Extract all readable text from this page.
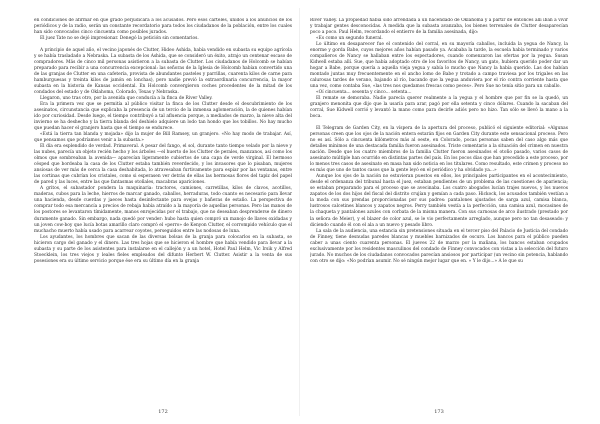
en condiciones de afirmar en qué grado perjudicará a los acusados. Pero esos carteles, unidos a los anuncios de los periódicos y de la radio, serán un constante recordatorio para todos los ciudadanos de la población, entre los cuales han sido convocados cinco cincuenta como posibles jurados.

El juez Tate no se dejó impresionar. Denegó la petición sin comentarios.

A principio de aquel año, el vecino japonés de Clutter, Hideo Ashida, había vendido en subasta su equipo agrícola y se había trasladado a Nebraska. La subasta de los Ashida, que se consideró un éxito, atrajo un centenar escaso de compradores. Más de cinco mil personas asistieron a la subasta de Clutter. Los ciudadanos de Holcomb se habían preparado para recibir a una concurrencia excepcional: las señoras de la Iglesia de Holcomb habían convertido una de las granjas de Clutter en una cafetería, provista de abundantes pasteles y parrillas, cuarenta kilos de carne para hamburguesas y treinta kilos de jamón en lonchas), pero nadie previó la extraordinaria concurrencia, la mayor subasta en la historia de Kansas occidental. En Holcomb convergieron coches procedentes de la mitad de los condados del estado y de Oklahoma, Colorado, Texas y Nebraska.

Llegaron, uno tras otro, por la avenida que conducía a la finca de River Valley.

Era la primera vez que se permitía al público visitar la finca de los Clutter desde el descubrimiento de los asesinatos, circunstancia que explicaba la presencia de un tercio de la inmensa aglomeración, la de quienes habían ido por curiosidad. Desde luego, el tiempo contribuyó a tal afluencia porque, a mediados de marzo, la nieve alta del invierno se ha deshecho y la tierra blanda del deshielo adquiere un lodo tan hondo que los tobillos. No hay mucho que puedan hacer el granjero hasta que el tiempo se endurece.

«Está la tierra tan blanda y mojada» dijo la mujer de Bill Ramsey, un granjero. «No hay modo de trabajar. Así, que pensamos que podríamos venir a la subasta.»

El día era esplendido de verdad. Primaveral. A pesar del fango, el sol, durante tanto tiempo velado por la nieve y las nubes, parecía un objeto recién hecho y los árboles —el huerto de los Clutter de perales, manzanos, así como los olmos que sombreaban la avenida— aparecían ligeramente cubiertos de una capa de verde virginal. El hermoso césped que bordeaba la casa de los Clutter estaba también reverdecido, y los invasores que lo pisaban, mujeres ansiosas de ver más de cerca la casa deshabitada, lo atravesaban furtivamente para espiar por las ventanas, entre las cortinas que cubrían los cristales, como si esperasen ver detrás de ellas las hermosas flores del tapiz del papel de pared y las luces, entre las que fantasmas otoñales, macabras apariciones.

A gritos, el subastador pondera la maquinaria: tractores, camiones, carretillas, kilos de clavos, acotillos, maderas, cubos para la leche, hierros de marcar ganado, caballos, herraduras, todo cuanto es necesario para llevar una hacienda, desde cuerdas y jaeces hasta desinfectante para ovejas y bañeras de estaño. La perspectiva de comprar todo esa mercancía a precios de rebaja había atraído a la mayoría de aquellas personas. Pero las manos de los postores se levantaron tímidamente, manos enrojecidas por el trabajo, que no deseaban desprenderse de dinero duramente ganado. Sin embargo, nada quedó por vender: hubo hasta quien compró un manojo de llaves oxidadas y un joven cow-boy que lucía botas amarillo claro compró el «perro» de Kenyon Clutter, el corrompido vehículo que el muchacho muerto había usado para acarrear coyotes, perseguidos entre las nodosas de luna.

Los ayudantes, los hombres que sacan de las diversas bolsas de la granja para colocarlos en la subasta, se hicieron cargo del ganado y el dinero. Las tres hojas que se hicieron el hombre que había vendido para llevar a la subasta y su parte de los asistentes para instalarse en el callejón y a un hotel, Hotel Paul Helm, Vic Irsik y Alfred Stoecklein, los tres viejos y leales fieles empleados del difunto Herbert W. Clutter. Asistir a la venta de sus posesiones era su último servicio porque ése era su último día en la granja

172

River Valley. La propiedad había sido arrendada a un hacendado de Oklahoma y a partir de entonces allí iban a vivir y trabajar gentes desconocidas. A medida que la subasta avanzaba, los bienes terrenales de Clutter desaparecían poco a poco. Paul Helm, recordando el entierro de la familia asesinada, dijo:

«Es como un segundo funeral.

Lo último en desaparecer fue el contenido del corral, en su mayoría caballos, incluida la yegua de Nancy, la enorme y gorda Babe, cuyos mejores años habían pasado ya. Acababa la tarde, la escuela había terminado y varios compañeros de Nancy se hallaban entre los espectadores, cuando comenzaron las ofertas por la yegua. Susan Kidwell estaba allí. Sue, que había adoptado otro de los favoritos de Nancy, un gato, hubiera querido poder dar un hogar a Babe, porque quería a aquella vieja yegua y sabía lo mucho que Nancy la había querido. Las dos habían montado juntas muy frecuentemente en el ancho lomo de Babe y trotado a campo traviesa por los trigales en las calurosas tardes de verano, bajando al río, bacando que la yegua anduviera por el río contra corriente hasta que una vez, como contaba Sue, «las tres nos quedamos frescas como peces». Pero Sue no tenía sitio para un caballo.

«Oí cincuenta... sesenta y cinco... setenta...

El remate se demoraba. Nadie parecía querer realmente a la yegua y el hombre que por fin se la quedó, un granjero menonita que dijo que la usaría para arar, pagó por ella setenta y cinco dólares. Cuando la sacaban del corral, Sue Kidwell corrió y levantó la mano como para decirle adiós pero no hizo. Tan sólo se llevó la mano a la boca.

El Telegram de Garden City, en la víspera de la apertura del proceso, publicó el siguiente editorial: «Algunas personas creen que los ojos de la nación entera estarán fijos en Garden City durante este sensacional proceso. Pero no es así. Sólo a cincuenta kilómetros más al oeste, en Colorado, pocas personas saben del caso algo más que detalles mínimos de una destacada familia fueron asesinados. Triste comentario a la situación del crimen en nuestra nación. Desde que los cuatro miembros de la familia Clutter fueron asesinados el otoño pasado, varios casos de asesinato múltiple han ocurrido en distintas partes del país. En los pocos días que han precedido a este proceso, por lo menos tres casos de asesinato en masa han sido noticia en los titulares. Como resultado, este crimen y proceso no es más que uno de tantos casos que la gente leyó en el periódico y ha olvidado ya...»

Aunque los ojos de la nación no estuvieran puestos en ellos, los principales participantes en el acontecimiento, desde el ordenanza del tribunal hasta el juez, estaban pendientes de un problema de las cuestiones de apariencia; se estaban preparando para el proceso que se avecinaba. Los cuatro abogados lucían trajes nuevos, y los nuevos zapatos de los dos hijos del fiscal del distrito crujían y gemían a cada paso. Hickock, los acusados también vestían a la moda con sus prendas proporcionadas por sus padres: pantalones ajustados de sarga azul, camisa blanca, lustrosos calcetines blancos y zapatos negros. Perry también vestía a la perfección, una camisa azul, mocasines de la chaqueta y pantalones azules con corbata de la misma manera. Con sus carnosas de arco ilustrado (prestado por la señora de Meier), y el blazer de color azul, se le vio perfectamente arreglado, aunque pero no tan desaseado: y diciendo cuando él con el ala a un nuevo y pesado libro.

La sala de la audiencia, una estancia sin pretensiones situada en el tercer piso del Palacio de Justicia del condado de Finney, tiene desnudas paredes blancas y muebles barnizados de oscuro. Los bancos para el público pueden caber a unas ciento cuarenta personas. El jueves 22 de marzo por la mañana, los bancos estaban ocupados exclusivamente por los residentes masculinos del condado de Finney convocados con vistas a la selección del futuro jurado. No muchos de los ciudadanos convocados parecían ansiosos por participar (un vecino sin potencia, hablando con otro se dijo: «No podrían asumir. No sé ningún mejor lugar que en. » Y le dijo...» A le que su

173
